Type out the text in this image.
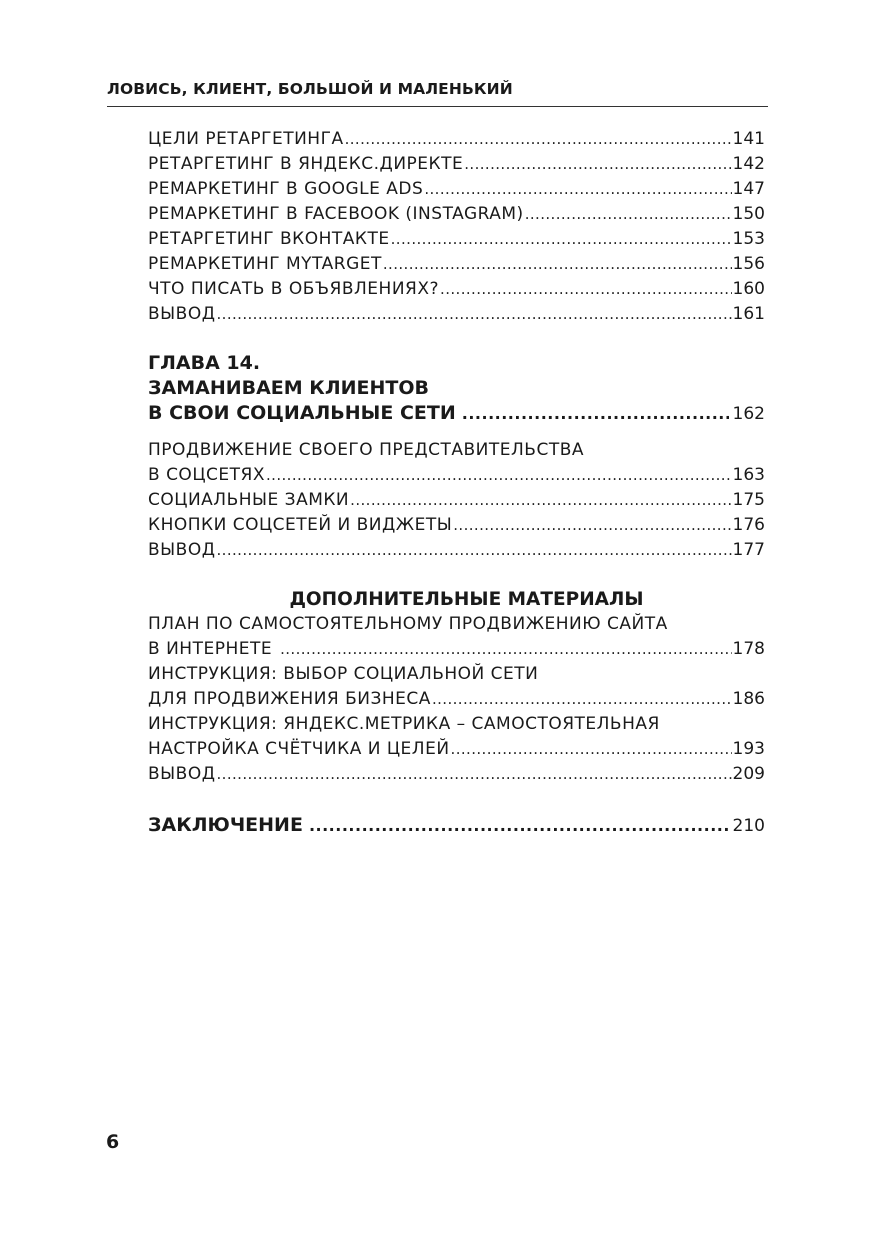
ЛОВИСЬ, КЛИЕНТ, БОЛЬШОЙ И МАЛЕНЬКИЙ
ЦЕЛИ РЕТАРГЕТИНГА .....	141
РЕТАРГЕТИНГ В ЯНДЕКС.ДИРЕКТЕ .....	142
РЕМАРКЕТИНГ В GOOGLE ADS .....	147
РЕМАРКЕТИНГ В FACEBOOK (INSTAGRAM) .....	150
РЕТАРГЕТИНГ ВКОНТАКТЕ .....	153
РЕМАРКЕТИНГ MYTARGET .....	156
ЧТО ПИСАТЬ В ОБЪЯВЛЕНИЯХ? .....	160
ВЫВОД .....	161
ГЛАВА 14.
ЗАМАНИВАЕМ КЛИЕНТОВ
В СВОИ СОЦИАЛЬНЫЕ СЕТИ .....	162
ПРОДВИЖЕНИЕ СВОЕГО ПРЕДСТАВИТЕЛЬСТВА
В СОЦСЕТЯХ .....	163
СОЦИАЛЬНЫЕ ЗАМКИ .....	175
КНОПКИ СОЦСЕТЕЙ И ВИДЖЕТЫ .....	176
ВЫВОД .....	177
ДОПОЛНИТЕЛЬНЫЕ МАТЕРИАЛЫ
ПЛАН ПО САМОСТОЯТЕЛЬНОМУ ПРОДВИЖЕНИЮ САЙТА
В ИНТЕРНЕТЕ .....	178
ИНСТРУКЦИЯ: ВЫБОР СОЦИАЛЬНОЙ СЕТИ
ДЛЯ ПРОДВИЖЕНИЯ БИЗНЕСА .....	186
ИНСТРУКЦИЯ: ЯНДЕКС.МЕТРИКА – САМОСТОЯТЕЛЬНАЯ
НАСТРОЙКА СЧЁТЧИКА И ЦЕЛЕЙ .....	193
ВЫВОД .....	209
ЗАКЛЮЧЕНИЕ .....	210
6
